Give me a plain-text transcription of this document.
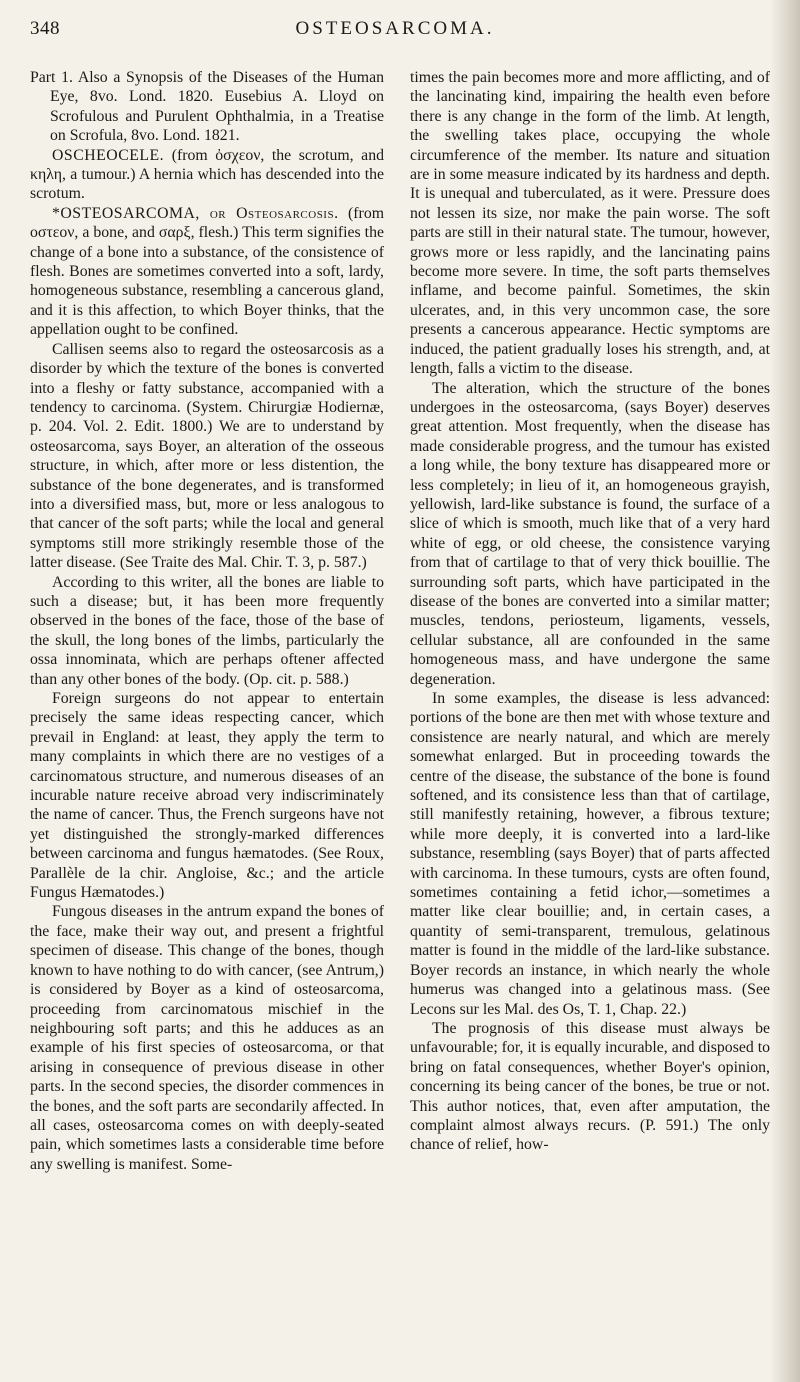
348	OSTEOSARCOMA.

Part 1. Also a Synopsis of the Diseases of the Human Eye, 8vo. Lond. 1820. Eusebius A. Lloyd on Scrofulous and Purulent Ophthalmia, in a Treatise on Scrofula, 8vo. Lond. 1821.

OSCHEOCELE. (from ὀσχεον, the scrotum, and κηλη, a tumour.) A hernia which has descended into the scrotum.

*OSTEOSARCOMA, or Osteosarcosis. (from οστεον, a bone, and σαρξ, flesh.) This term signifies the change of a bone into a substance, of the consistence of flesh. Bones are sometimes converted into a soft, lardy, homogeneous substance, resembling a cancerous gland, and it is this affection, to which Boyer thinks, that the appellation ought to be confined.

Callisen seems also to regard the osteosarcosis as a disorder by which the texture of the bones is converted into a fleshy or fatty substance, accompanied with a tendency to carcinoma. (System. Chirurgiæ Hodiernæ, p. 204. Vol. 2. Edit. 1800.) We are to understand by osteosarcoma, says Boyer, an alteration of the osseous structure, in which, after more or less distention, the substance of the bone degenerates, and is transformed into a diversified mass, but, more or less analogous to that cancer of the soft parts; while the local and general symptoms still more strikingly resemble those of the latter disease. (See Traite des Mal. Chir. T. 3, p. 587.)

According to this writer, all the bones are liable to such a disease; but, it has been more frequently observed in the bones of the face, those of the base of the skull, the long bones of the limbs, particularly the ossa innominata, which are perhaps oftener affected than any other bones of the body. (Op. cit. p. 588.)

Foreign surgeons do not appear to entertain precisely the same ideas respecting cancer, which prevail in England: at least, they apply the term to many complaints in which there are no vestiges of a carcinomatous structure, and numerous diseases of an incurable nature receive abroad very indiscriminately the name of cancer. Thus, the French surgeons have not yet distinguished the strongly-marked differences between carcinoma and fungus hæmatodes. (See Roux, Parallèle de la chir. Angloise, &c.; and the article Fungus Hæmatodes.)

Fungous diseases in the antrum expand the bones of the face, make their way out, and present a frightful specimen of disease. This change of the bones, though known to have nothing to do with cancer, (see Antrum,) is considered by Boyer as a kind of osteosarcoma, proceeding from carcinomatous mischief in the neighbouring soft parts; and this he adduces as an example of his first species of osteosarcoma, or that arising in consequence of previous disease in other parts. In the second species, the disorder commences in the bones, and the soft parts are secondarily affected. In all cases, osteosarcoma comes on with deeply-seated pain, which sometimes lasts a considerable time before any swelling is manifest. Some-

times the pain becomes more and more afflicting, and of the lancinating kind, impairing the health even before there is any change in the form of the limb. At length, the swelling takes place, occupying the whole circumference of the member. Its nature and situation are in some measure indicated by its hardness and depth. It is unequal and tuberculated, as it were. Pressure does not lessen its size, nor make the pain worse. The soft parts are still in their natural state. The tumour, however, grows more or less rapidly, and the lancinating pains become more severe. In time, the soft parts themselves inflame, and become painful. Sometimes, the skin ulcerates, and, in this very uncommon case, the sore presents a cancerous appearance. Hectic symptoms are induced, the patient gradually loses his strength, and, at length, falls a victim to the disease.

The alteration, which the structure of the bones undergoes in the osteosarcoma, (says Boyer) deserves great attention. Most frequently, when the disease has made considerable progress, and the tumour has existed a long while, the bony texture has disappeared more or less completely; in lieu of it, an homogeneous grayish, yellowish, lard-like substance is found, the surface of a slice of which is smooth, much like that of a very hard white of egg, or old cheese, the consistence varying from that of cartilage to that of very thick bouillie. The surrounding soft parts, which have participated in the disease of the bones are converted into a similar matter; muscles, tendons, periosteum, ligaments, vessels, cellular substance, all are confounded in the same homogeneous mass, and have undergone the same degeneration.

In some examples, the disease is less advanced: portions of the bone are then met with whose texture and consistence are nearly natural, and which are merely somewhat enlarged. But in proceeding towards the centre of the disease, the substance of the bone is found softened, and its consistence less than that of cartilage, still manifestly retaining, however, a fibrous texture; while more deeply, it is converted into a lard-like substance, resembling (says Boyer) that of parts affected with carcinoma. In these tumours, cysts are often found, sometimes containing a fetid ichor,—sometimes a matter like clear bouillie; and, in certain cases, a quantity of semi-transparent, tremulous, gelatinous matter is found in the middle of the lard-like substance. Boyer records an instance, in which nearly the whole humerus was changed into a gelatinous mass. (See Lecons sur les Mal. des Os, T. 1, Chap. 22.)

The prognosis of this disease must always be unfavourable; for, it is equally incurable, and disposed to bring on fatal consequences, whether Boyer's opinion, concerning its being cancer of the bones, be true or not. This author notices, that, even after amputation, the complaint almost always recurs. (P. 591.) The only chance of relief, how-
